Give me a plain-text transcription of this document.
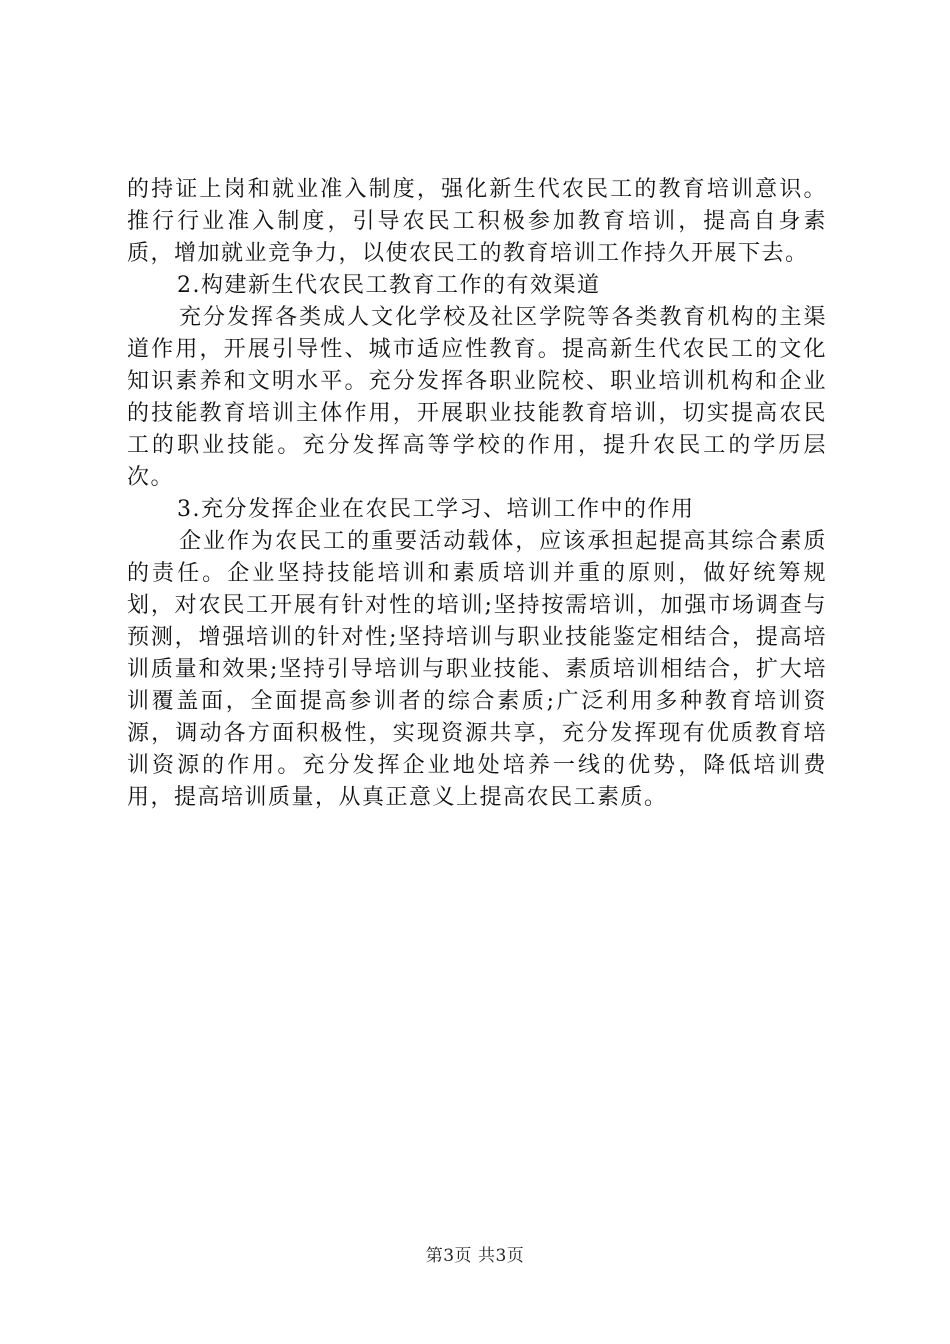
的持证上岗和就业准入制度，强化新生代农民工的教育培训意识。推行行业准入制度，引导农民工积极参加教育培训，提高自身素质，增加就业竞争力，以使农民工的教育培训工作持久开展下去。

2.构建新生代农民工教育工作的有效渠道

充分发挥各类成人文化学校及社区学院等各类教育机构的主渠道作用，开展引导性、城市适应性教育。提高新生代农民工的文化知识素养和文明水平。充分发挥各职业院校、职业培训机构和企业的技能教育培训主体作用，开展职业技能教育培训，切实提高农民工的职业技能。充分发挥高等学校的作用，提升农民工的学历层次。

3.充分发挥企业在农民工学习、培训工作中的作用

企业作为农民工的重要活动载体，应该承担起提高其综合素质的责任。企业坚持技能培训和素质培训并重的原则，做好统筹规划，对农民工开展有针对性的培训;坚持按需培训，加强市场调查与预测，增强培训的针对性;坚持培训与职业技能鉴定相结合，提高培训质量和效果;坚持引导培训与职业技能、素质培训相结合，扩大培训覆盖面，全面提高参训者的综合素质;广泛利用多种教育培训资源，调动各方面积极性，实现资源共享，充分发挥现有优质教育培训资源的作用。充分发挥企业地处培养一线的优势，降低培训费用，提高培训质量，从真正意义上提高农民工素质。

第3页 共3页
